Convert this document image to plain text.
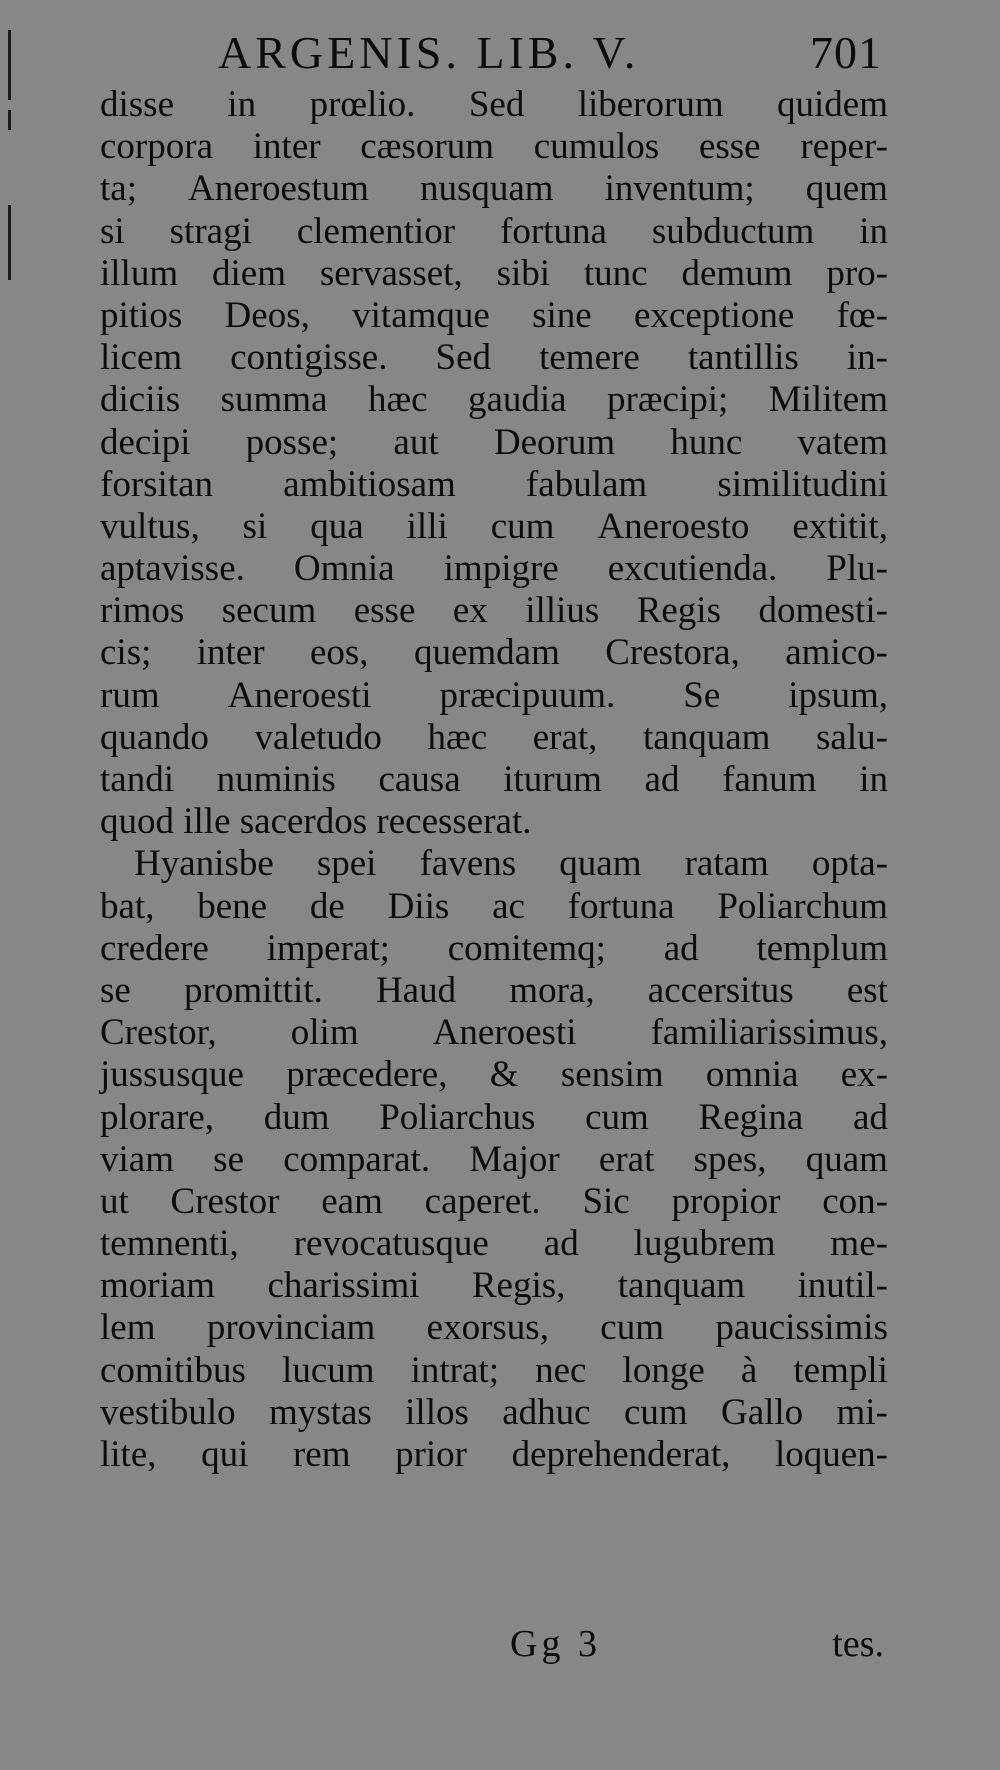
ARGENIS. LIB. V.	701
disse in prœlio. Sed liberorum quidem
corpora inter cæsorum cumulos esse reper-
ta; Aneroestum nusquam inventum; quem
si stragi clementior fortuna subductum in
illum diem servasset, sibi tunc demum pro-
pitios Deos, vitamque sine exceptione fœ-
licem contigisse. Sed temere tantillis in-
diciis summa hæc gaudia præcipi; Militem
decipi posse; aut Deorum hunc vatem
forsitan ambitiosam fabulam similitudini
vultus, si qua illi cum Aneroesto extitit,
aptavisse. Omnia impigre excutienda. Plu-
rimos secum esse ex illius Regis domesti-
cis; inter eos, quemdam Crestora, amico-
rum Aneroesti præcipuum. Se ipsum,
quando valetudo hæc erat, tanquam salu-
tandi numinis causa iturum ad fanum in
quod ille sacerdos recesserat.
Hyanisbe spei favens quam ratam opta-
bat, bene de Diis ac fortuna Poliarchum
credere imperat; comitemq; ad templum
se promittit. Haud mora, accersitus est
Crestor, olim Aneroesti familiarissimus,
jussusque præcedere, & sensim omnia ex-
plorare, dum Poliarchus cum Regina ad
viam se comparat. Major erat spes, quam
ut Crestor eam caperet. Sic propior con-
temnenti, revocatusque ad lugubrem me-
moriam charissimi Regis, tanquam inutil-
lem provinciam exorsus, cum paucissimis
comitibus lucum intrat; nec longe à templi
vestibulo mystas illos adhuc cum Gallo mi-
lite, qui rem prior deprehenderat, loquen-
Gg 3	tes.
